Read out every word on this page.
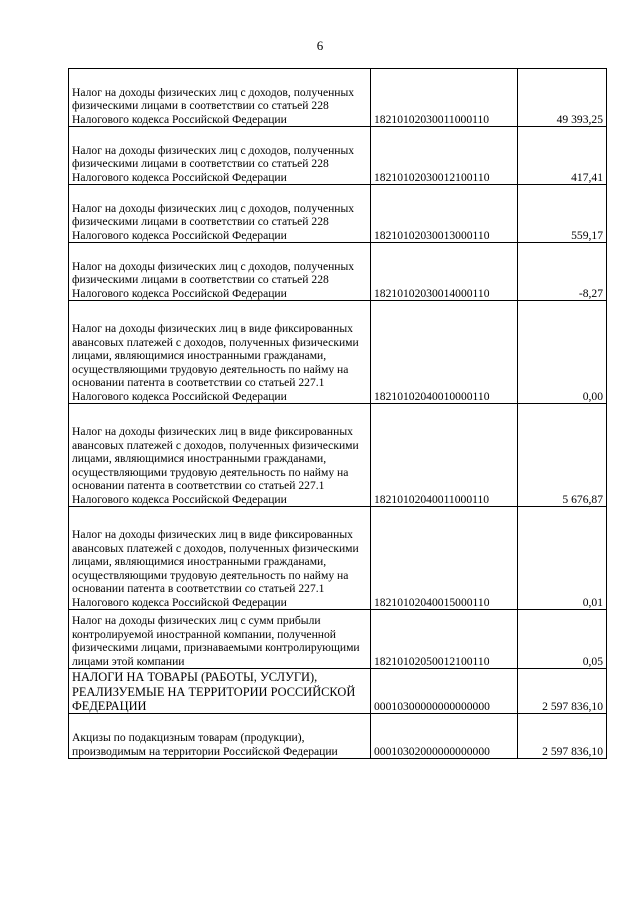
6
Налог на доходы физических лиц с доходов, полученных физическими лицами в соответствии со статьей 228 Налогового кодекса Российской Федерации	18210102030011000110	49 393,25
Налог на доходы физических лиц с доходов, полученных физическими лицами в соответствии со статьей 228 Налогового кодекса Российской Федерации	18210102030012100110	417,41
Налог на доходы физических лиц с доходов, полученных физическими лицами в соответствии со статьей 228 Налогового кодекса Российской Федерации	18210102030013000110	559,17
Налог на доходы физических лиц с доходов, полученных физическими лицами в соответствии со статьей 228 Налогового кодекса Российской Федерации	18210102030014000110	-8,27
Налог на доходы физических лиц в виде фиксированных авансовых платежей с доходов, полученных физическими лицами, являющимися иностранными гражданами, осуществляющими трудовую деятельность по найму на основании патента в соответствии со статьей 227.1 Налогового кодекса Российской Федерации	18210102040010000110	0,00
Налог на доходы физических лиц в виде фиксированных авансовых платежей с доходов, полученных физическими лицами, являющимися иностранными гражданами, осуществляющими трудовую деятельность по найму на основании патента в соответствии со статьей 227.1 Налогового кодекса Российской Федерации	18210102040011000110	5 676,87
Налог на доходы физических лиц в виде фиксированных авансовых платежей с доходов, полученных физическими лицами, являющимися иностранными гражданами, осуществляющими трудовую деятельность по найму на основании патента в соответствии со статьей 227.1 Налогового кодекса Российской Федерации	18210102040015000110	0,01
Налог на доходы физических лиц с сумм прибыли контролируемой иностранной компании, полученной физическими лицами, признаваемыми контролирующими лицами этой компании	18210102050012100110	0,05
НАЛОГИ НА ТОВАРЫ (РАБОТЫ, УСЛУГИ), РЕАЛИЗУЕМЫЕ НА ТЕРРИТОРИИ РОССИЙСКОЙ ФЕДЕРАЦИИ	00010300000000000000	2 597 836,10
Акцизы по подакцизным товарам (продукции), производимым на территории Российской Федерации	00010302000000000000	2 597 836,10
